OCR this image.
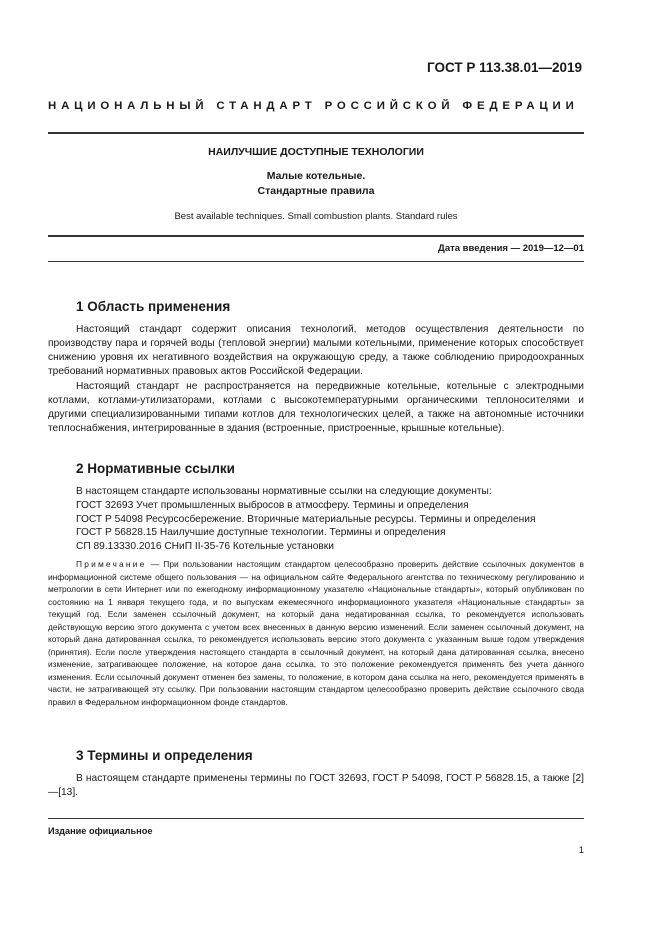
ГОСТ Р 113.38.01—2019
НАЦИОНАЛЬНЫЙ СТАНДАРТ РОССИЙСКОЙ ФЕДЕРАЦИИ
НАИЛУЧШИЕ ДОСТУПНЫЕ ТЕХНОЛОГИИ
Малые котельные.
Стандартные правила
Best available techniques. Small combustion plants. Standard rules
Дата введения — 2019—12—01
1 Область применения

Настоящий стандарт содержит описания технологий, методов осуществления деятельности по производству пара и горячей воды (тепловой энергии) малыми котельными, применение которых способствует снижению уровня их негативного воздействия на окружающую среду, а также соблюдению природоохранных требований нормативных правовых актов Российской Федерации.

Настоящий стандарт не распространяется на передвижные котельные, котельные с электродными котлами, котлами-утилизаторами, котлами с высокотемпературными органическими теплоносителями и другими специализированными типами котлов для технологических целей, а также на автономные источники теплоснабжения, интегрированные в здания (встроенные, пристроенные, крышные котельные).

2 Нормативные ссылки
В настоящем стандарте использованы нормативные ссылки на следующие документы:
ГОСТ 32693 Учет промышленных выбросов в атмосферу. Термины и определения
ГОСТ Р 54098 Ресурсосбережение. Вторичные материальные ресурсы. Термины и определения
ГОСТ Р 56828.15 Наилучшие доступные технологии. Термины и определения
СП 89.13330.2016 СНиП II-35-76 Котельные установки

Примечание — При пользовании настоящим стандартом целесообразно проверить действие ссылочных документов в информационной системе общего пользования — на официальном сайте Федерального агентства по техническому регулированию и метрологии в сети Интернет или по ежегодному информационному указателю «Национальные стандарты», который опубликован по состоянию на 1 января текущего года, и по выпускам ежемесячного информационного указателя «Национальные стандарты» за текущий год. Если заменен ссылочный документ, на который дана недатированная ссылка, то рекомендуется использовать действующую версию этого документа с учетом всех внесенных в данную версию изменений. Если заменен ссылочный документ, на который дана датированная ссылка, то рекомендуется использовать версию этого документа с указанным выше годом утверждения (принятия). Если после утверждения настоящего стандарта в ссылочный документ, на который дана датированная ссылка, внесено изменение, затрагивающее положение, на которое дана ссылка, то это положение рекомендуется применять без учета данного изменения. Если ссылочный документ отменен без замены, то положение, в котором дана ссылка на него, рекомендуется применять в части, не затрагивающей эту ссылку. При пользовании настоящим стандартом целесообразно проверить действие ссылочного свода правил в Федеральном информационном фонде стандартов.

3 Термины и определения

В настоящем стандарте применены термины по ГОСТ 32693, ГОСТ Р 54098, ГОСТ Р 56828.15, а также [2]—[13].

Издание официальное
1
